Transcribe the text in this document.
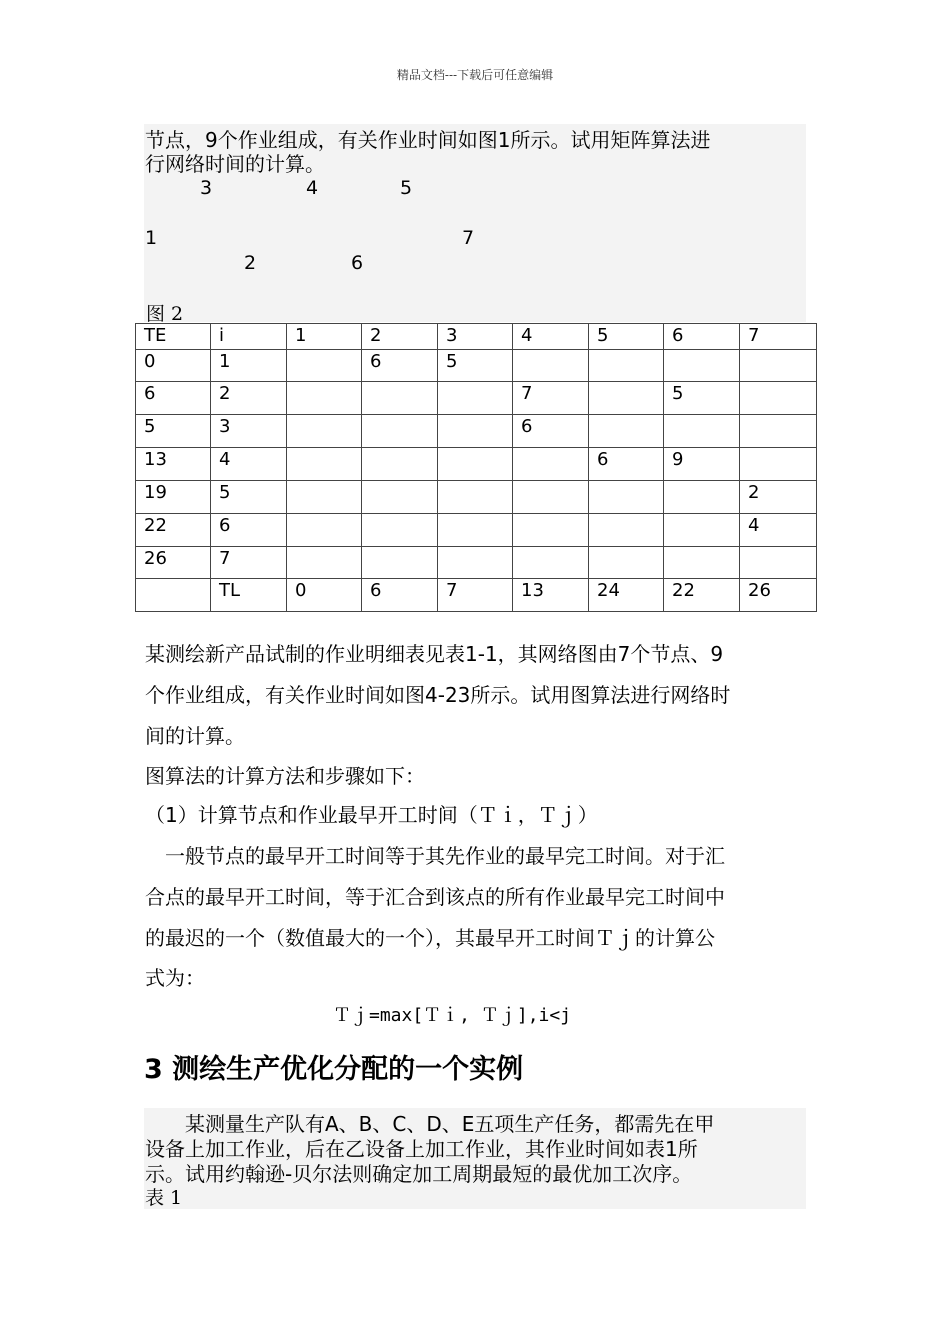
精品文档---下载后可任意编辑
节点，9个作业组成，有关作业时间如图1所示。试用矩阵算法进
行网络时间的计算。
1
2
3	4	5
6
7
图 2
TE	i	1	2	3	4	5	6	7
0	1		6	5				
6	2				7		5	
5	3				6			
13	4					6	9	
19	5							2
22	6							4
26	7							
	TL	0	6	7	13	24	22	26
某测绘新产品试制的作业明细表见表1-1，其网络图由7个节点、9
个作业组成，有关作业时间如图4-23所示。试用图算法进行网络时
间的计算。
图算法的计算方法和步骤如下：
（1）计算节点和作业最早开工时间（Ｔｉ，Ｔｊ）
　一般节点的最早开工时间等于其先作业的最早完工时间。对于汇
合点的最早开工时间，等于汇合到该点的所有作业最早完工时间中
的最迟的一个（数值最大的一个），其最早开工时间Ｔｊ的计算公
式为：
Ｔｊ=max[Ｔｉ, Ｔｊ],i<j
3 测绘生产优化分配的一个实例
　　某测量生产队有A、B、C、D、E五项生产任务，都需先在甲
设备上加工作业，后在乙设备上加工作业，其作业时间如表1所
示。试用约翰逊-贝尔法则确定加工周期最短的最优加工次序。
表 1
